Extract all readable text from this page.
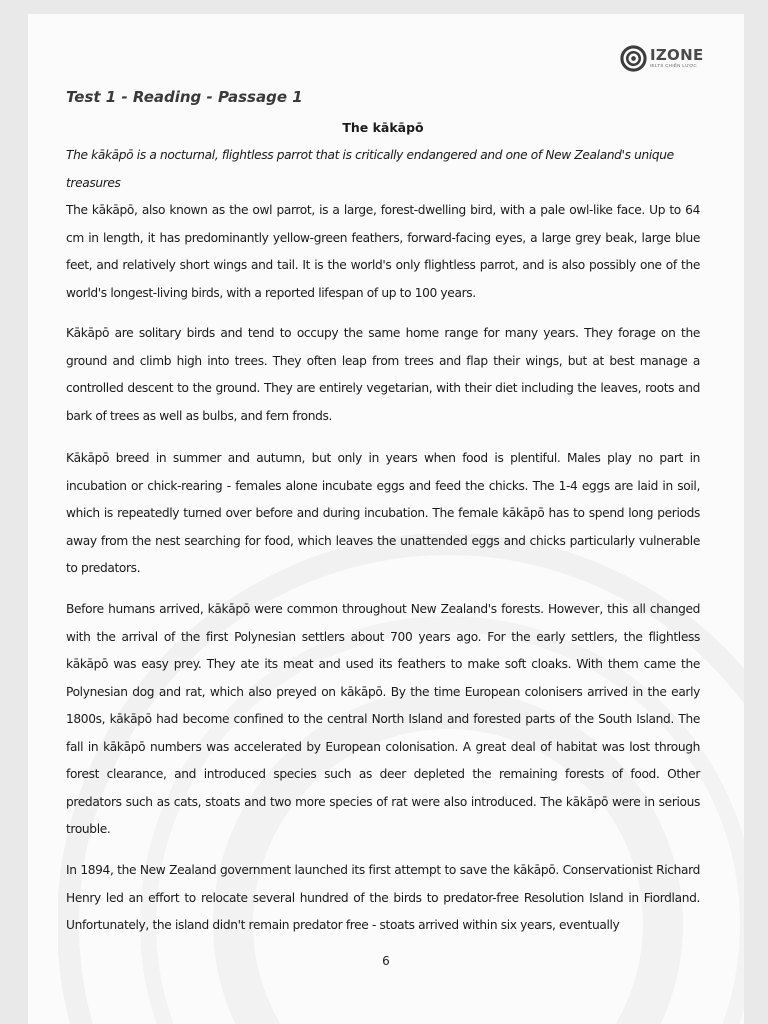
IZONE
IELTS CHIẾN LƯỢC
Test 1 - Reading - Passage 1
The kākāpō
The kākāpō is a nocturnal, flightless parrot that is critically endangered and one of New Zealand's unique treasures
The kākāpō, also known as the owl parrot, is a large, forest-dwelling bird, with a pale owl-like face. Up to 64 cm in length, it has predominantly yellow-green feathers, forward-facing eyes, a large grey beak, large blue feet, and relatively short wings and tail. It is the world's only flightless parrot, and is also possibly one of the world's longest-living birds, with a reported lifespan of up to 100 years.
Kākāpō are solitary birds and tend to occupy the same home range for many years. They forage on the ground and climb high into trees. They often leap from trees and flap their wings, but at best manage a controlled descent to the ground. They are entirely vegetarian, with their diet including the leaves, roots and bark of trees as well as bulbs, and fern fronds.
Kākāpō breed in summer and autumn, but only in years when food is plentiful. Males play no part in incubation or chick-rearing - females alone incubate eggs and feed the chicks. The 1-4 eggs are laid in soil, which is repeatedly turned over before and during incubation. The female kākāpō has to spend long periods away from the nest searching for food, which leaves the unattended eggs and chicks particularly vulnerable to predators.
Before humans arrived, kākāpō were common throughout New Zealand's forests. However, this all changed with the arrival of the first Polynesian settlers about 700 years ago. For the early settlers, the flightless kākāpō was easy prey. They ate its meat and used its feathers to make soft cloaks. With them came the Polynesian dog and rat, which also preyed on kākāpō. By the time European colonisers arrived in the early 1800s, kākāpō had become confined to the central North Island and forested parts of the South Island. The fall in kākāpō numbers was accelerated by European colonisation. A great deal of habitat was lost through forest clearance, and introduced species such as deer depleted the remaining forests of food. Other predators such as cats, stoats and two more species of rat were also introduced. The kākāpō were in serious trouble.
In 1894, the New Zealand government launched its first attempt to save the kākāpō. Conservationist Richard Henry led an effort to relocate several hundred of the birds to predator-free Resolution Island in Fiordland. Unfortunately, the island didn't remain predator free - stoats arrived within six years, eventually
6
